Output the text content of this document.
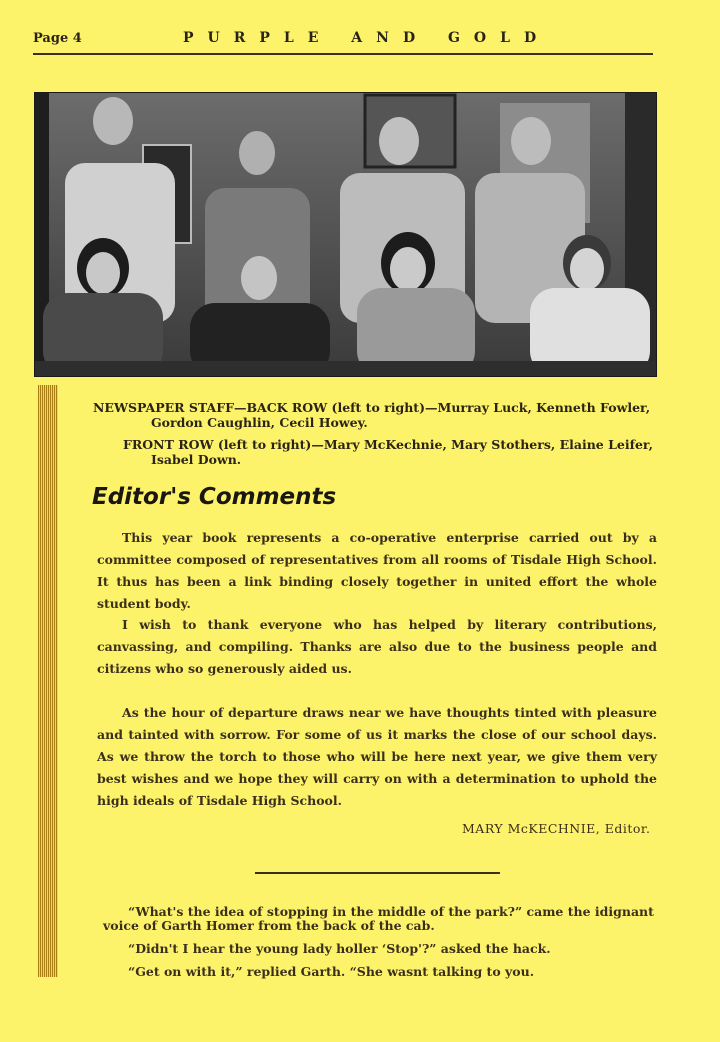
Page 4	PURPLE AND GOLD

NEWSPAPER STAFF—BACK ROW (left to right)—Murray Luck, Kenneth Fowler,

Gordon Caughlin, Cecil Howey.

FRONT ROW (left to right)—Mary McKechnie, Mary Stothers, Elaine Leifer,

Isabel Down.

Editor's Comments

This year book represents a co-operative enterprise carried out by a committee composed of representatives from all rooms of Tisdale High School. It thus has been a link binding closely together in united effort the whole student body.

I wish to thank everyone who has helped by literary contributions, canvassing, and compiling. Thanks are also due to the business people and citizens who so generously aided us.

As the hour of departure draws near we have thoughts tinted with pleasure and tainted with sorrow. For some of us it marks the close of our school days. As we throw the torch to those who will be here next year, we give them very best wishes and we hope they will carry on with a determination to uphold the high ideals of Tisdale High School.

MARY McKECHNIE, Editor.

“What's the idea of stopping in the middle of the park?” came the idignant voice of Garth Homer from the back of the cab.

“Didn't I hear the young lady holler ‘Stop'?” asked the hack.

“Get on with it,” replied Garth. “She wasnt talking to you.
